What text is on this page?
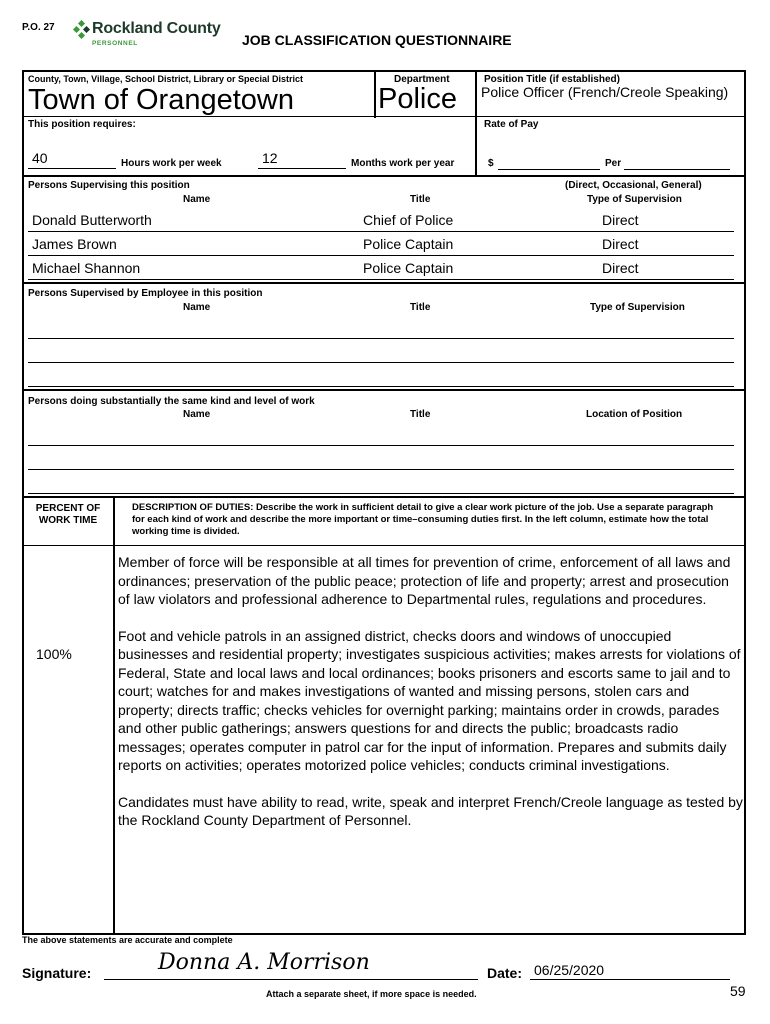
P.O. 27 Rockland County
PERSONNEL	JOB CLASSIFICATION QUESTIONNAIRE
County, Town, Village, School District, Library or Special District
Town of Orangetown
Department
Police
Position Title (if established)
Police Officer (French/Creole Speaking)
This position requires:
40	Hours work per week	12	Months work per year
Rate of Pay
$	Per
Persons Supervising this position
Name	Title
(Direct, Occasional, General)
Type of Supervision
Donald Butterworth	Chief of Police	Direct
James Brown	Police Captain	Direct
Michael Shannon	Police Captain	Direct
Persons Supervised by Employee in this position
Name	Title	Type of Supervision
Persons doing substantially the same kind and level of work
Name	Title	Location of Position
PERCENT OF WORK TIME
DESCRIPTION OF DUTIES: Describe the work in sufficient detail to give a clear work picture of the job. Use a separate paragraph for each kind of work and describe the more important or time–consuming duties first. In the left column, estimate how the total working time is divided.
100%

Member of force will be responsible at all times for prevention of crime, enforcement of all laws and ordinances; preservation of the public peace; protection of life and property; arrest and prosecution of law violators and professional adherence to Departmental rules, regulations and procedures.

Foot and vehicle patrols in an assigned district, checks doors and windows of unoccupied businesses and residential property; investigates suspicious activities; makes arrests for violations of Federal, State and local laws and local ordinances; books prisoners and escorts same to jail and to court; watches for and makes investigations of wanted and missing persons, stolen cars and property; directs traffic; checks vehicles for overnight parking; maintains order in crowds, parades and other public gatherings; answers questions for and directs the public; broadcasts radio messages; operates computer in patrol car for the input of information. Prepares and submits daily reports on activities; operates motorized police vehicles; conducts criminal investigations.

Candidates must have ability to read, write, speak and interpret French/Creole language as tested by the Rockland County Department of Personnel.

The above statements are accurate and complete
Signature:	Donna A. Morrison	Date: 06/25/2020
Attach a separate sheet, if more space is needed.	59
